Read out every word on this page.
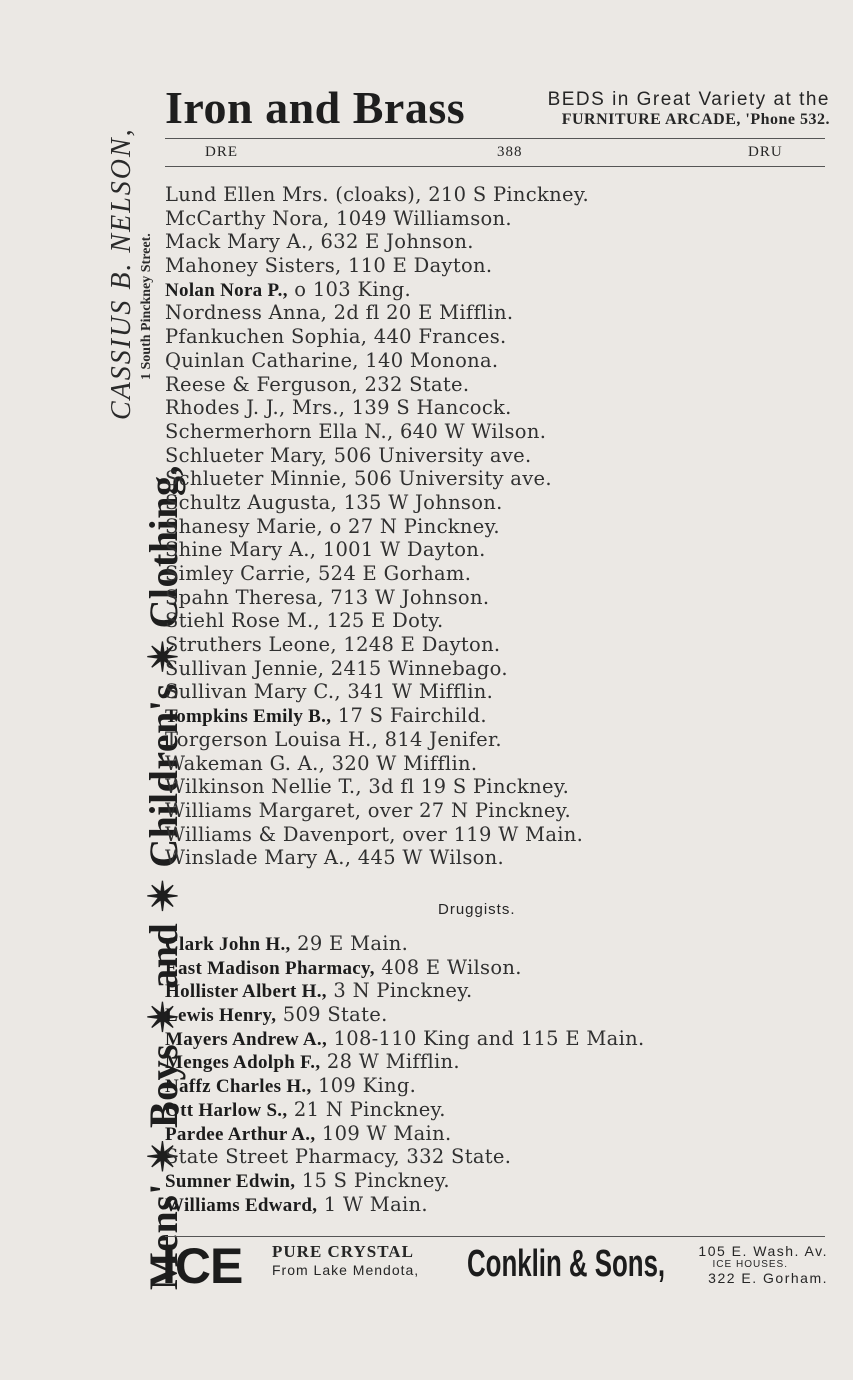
Mens' ✴ Boys ✴ and ✴ Children's ✴ Clothing,
CASSIUS B. NELSON, 1 South Pinckney Street.
Iron and Brass	BEDS in Great Variety at the
FURNITURE ARCADE, 'Phone 532.
DRE	388	DRU
Lund Ellen Mrs. (cloaks), 210 S Pinckney.
McCarthy Nora, 1049 Williamson.
Mack Mary A., 632 E Johnson.
Mahoney Sisters, 110 E Dayton.
Nolan Nora P., o 103 King.
Nordness Anna, 2d fl 20 E Mifflin.
Pfankuchen Sophia, 440 Frances.
Quinlan Catharine, 140 Monona.
Reese & Ferguson, 232 State.
Rhodes J. J., Mrs., 139 S Hancock.
Schermerhorn Ella N., 640 W Wilson.
Schlueter Mary, 506 University ave.
Schlueter Minnie, 506 University ave.
Schultz Augusta, 135 W Johnson.
Shanesy Marie, o 27 N Pinckney.
Shine Mary A., 1001 W Dayton.
Simley Carrie, 524 E Gorham.
Spahn Theresa, 713 W Johnson.
Stiehl Rose M., 125 E Doty.
Struthers Leone, 1248 E Dayton.
Sullivan Jennie, 2415 Winnebago.
Sullivan Mary C., 341 W Mifflin.
Tompkins Emily B., 17 S Fairchild.
Torgerson Louisa H., 814 Jenifer.
Wakeman G. A., 320 W Mifflin.
Wilkinson Nellie T., 3d fl 19 S Pinckney.
Williams Margaret, over 27 N Pinckney.
Williams & Davenport, over 119 W Main.
Winslade Mary A., 445 W Wilson.
Druggists.
Clark John H., 29 E Main.
East Madison Pharmacy, 408 E Wilson.
Hollister Albert H., 3 N Pinckney.
Lewis Henry, 509 State.
Mayers Andrew A., 108-110 King and 115 E Main.
Menges Adolph F., 28 W Mifflin.
Naffz Charles H., 109 King.
Ott Harlow S., 21 N Pinckney.
Pardee Arthur A., 109 W Main.
State Street Pharmacy, 332 State.
Sumner Edwin, 15 S Pinckney.
Williams Edward, 1 W Main.
ICE PURE CRYSTAL
From Lake Mendota, Conklin & Sons, 105 E. Wash. Av.
ICE HOUSES.
322 E. Gorham.
